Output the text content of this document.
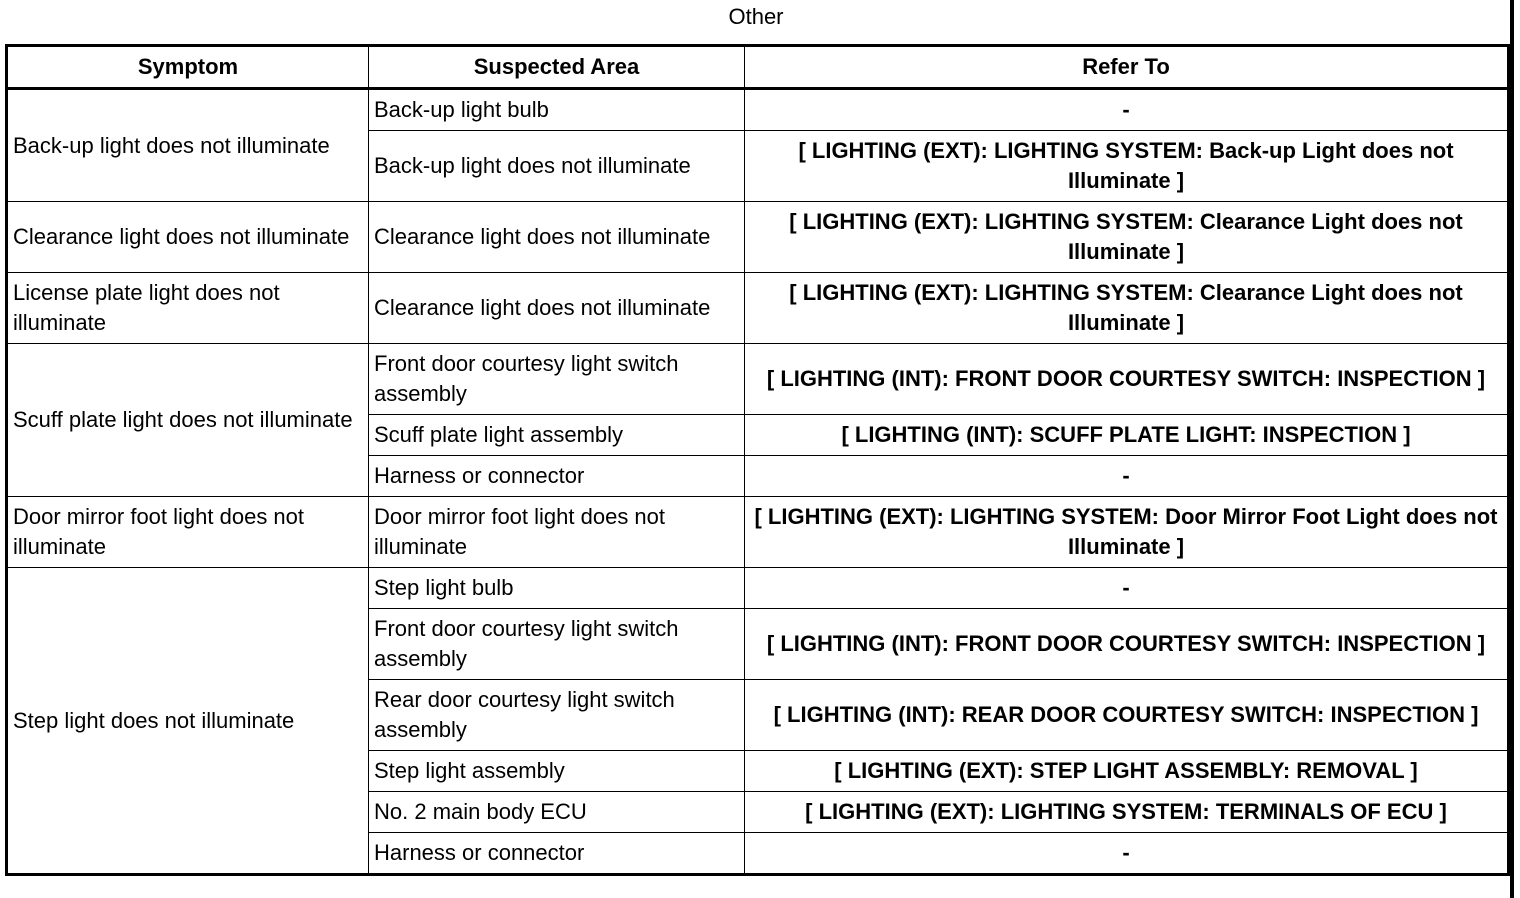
Other
Symptom	Suspected Area	Refer To
Back-up light does not illuminate	Back-up light bulb	-
	Back-up light does not illuminate	[ LIGHTING (EXT): LIGHTING SYSTEM: Back-up Light does not Illuminate ]
Clearance light does not illuminate	Clearance light does not illuminate	[ LIGHTING (EXT): LIGHTING SYSTEM: Clearance Light does not Illuminate ]
License plate light does not illuminate	Clearance light does not illuminate	[ LIGHTING (EXT): LIGHTING SYSTEM: Clearance Light does not Illuminate ]
Scuff plate light does not illuminate	Front door courtesy light switch assembly	[ LIGHTING (INT): FRONT DOOR COURTESY SWITCH: INSPECTION ]
	Scuff plate light assembly	[ LIGHTING (INT): SCUFF PLATE LIGHT: INSPECTION ]
	Harness or connector	-
Door mirror foot light does not illuminate	Door mirror foot light does not illuminate	[ LIGHTING (EXT): LIGHTING SYSTEM: Door Mirror Foot Light does not Illuminate ]
Step light does not illuminate	Step light bulb	-
	Front door courtesy light switch assembly	[ LIGHTING (INT): FRONT DOOR COURTESY SWITCH: INSPECTION ]
	Rear door courtesy light switch assembly	[ LIGHTING (INT): REAR DOOR COURTESY SWITCH: INSPECTION ]
	Step light assembly	[ LIGHTING (EXT): STEP LIGHT ASSEMBLY: REMOVAL ]
	No. 2 main body ECU	[ LIGHTING (EXT): LIGHTING SYSTEM: TERMINALS OF ECU ]
	Harness or connector	-
